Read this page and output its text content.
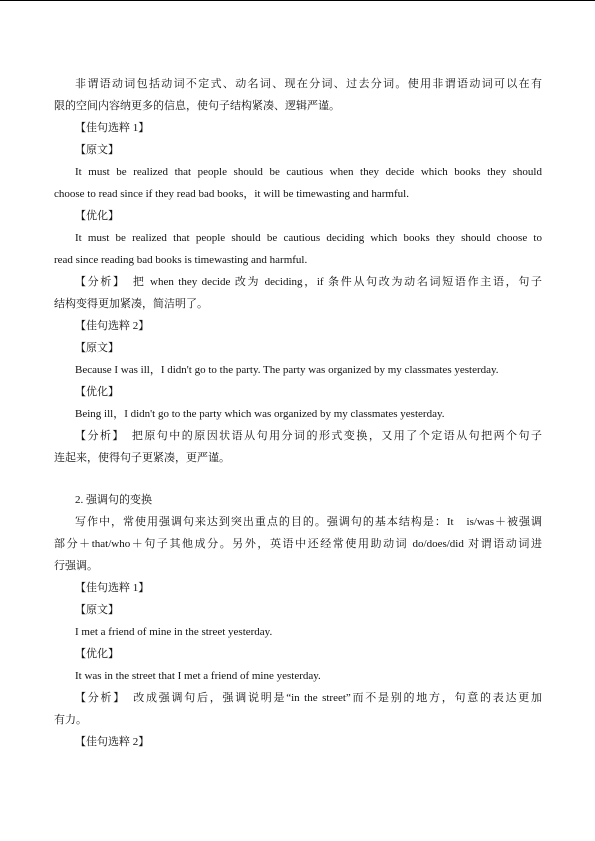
非谓语动词包括动词不定式、动名词、现在分词、过去分词。使用非谓语动词可以在有

限的空间内容纳更多的信息，使句子结构紧凑、逻辑严谨。

【佳句选粹 1】

【原文】

It must be realized that people should be cautious when they decide which books they should

choose to read since if they read bad books，it will be timewasting and harmful.

【优化】

It must be realized that people should be cautious deciding which books they should choose to

read since reading bad books is timewasting and harmful.

【分析】　把 when they decide 改为 deciding，if 条件从句改为动名词短语作主语，句子

结构变得更加紧凑，简洁明了。

【佳句选粹 2】

【原文】

Because I was ill，I didn't go to the party. The party was organized by my classmates yesterday.

【优化】

Being ill，I didn't go to the party which was organized by my classmates yesterday.

【分析】　把原句中的原因状语从句用分词的形式变换，又用了个定语从句把两个句子

连起来，使得句子更紧凑，更严谨。

2. 强调句的变换

写作中，常使用强调句来达到突出重点的目的。强调句的基本结构是：It　is/was＋被强调

部分＋that/who＋句子其他成分。另外，英语中还经常使用助动词 do/does/did 对谓语动词进

行强调。

【佳句选粹 1】

【原文】

I met a friend of mine in the street yesterday.

【优化】

It was in the street that I met a friend of mine yesterday.

【分析】　改成强调句后，强调说明是“in the street”而不是别的地方，句意的表达更加

有力。

【佳句选粹 2】
